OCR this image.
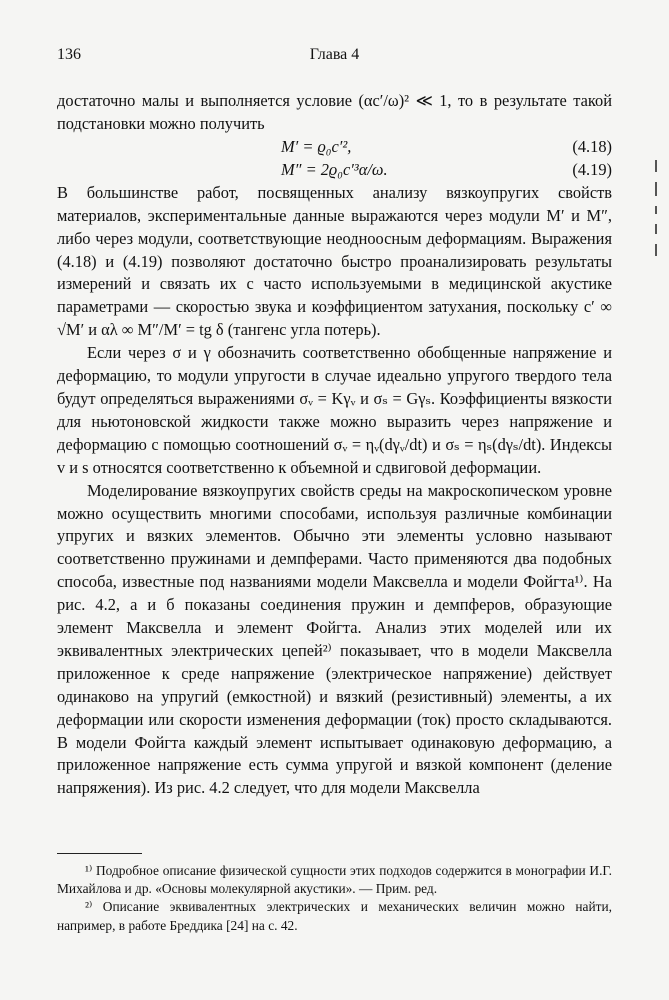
136	Глава 4

достаточно малы и выполняется условие (αc′/ω)² ≪ 1, то в результате такой подстановки можно получить

M′ = ϱ₀c′²,	(4.18)
M″ = 2ϱ₀c′³α/ω.	(4.19)

В большинстве работ, посвященных анализу вязкоупругих свойств материалов, экспериментальные данные выражаются через модули M′ и M″, либо через модули, соответствующие неодноосным деформациям. Выражения (4.18) и (4.19) позволяют достаточно быстро проанализировать результаты измерений и связать их с часто используемыми в медицинской акустике параметрами — скоростью звука и коэффициентом затухания, поскольку c′ ∞ √M′ и αλ ∞ M″/M′ = tg δ (тангенс угла потерь).

Если через σ и γ обозначить соответственно обобщенные напряжение и деформацию, то модули упругости в случае идеально упругого твердого тела будут определяться выражениями σᵥ = Kγᵥ и σₛ = Gγₛ. Коэффициенты вязкости для ньютоновской жидкости также можно выразить через напряжение и деформацию с помощью соотношений σᵥ = ηᵥ(dγᵥ/dt) и σₛ = ηₛ(dγₛ/dt). Индексы v и s относятся соответственно к объемной и сдвиговой деформации.

Моделирование вязкоупругих свойств среды на макроскопическом уровне можно осуществить многими способами, используя различные комбинации упругих и вязких элементов. Обычно эти элементы условно называют соответственно пружинами и демпферами. Часто применяются два подобных способа, известные под названиями модели Максвелла и модели Фойгта¹⁾. На рис. 4.2, а и б показаны соединения пружин и демпферов, образующие элемент Максвелла и элемент Фойгта. Анализ этих моделей или их эквивалентных электрических цепей²⁾ показывает, что в модели Максвелла приложенное к среде напряжение (электрическое напряжение) действует одинаково на упругий (емкостной) и вязкий (резистивный) элементы, а их деформации или скорости изменения деформации (ток) просто складываются. В модели Фойгта каждый элемент испытывает одинаковую деформацию, а приложенное напряжение есть сумма упругой и вязкой компонент (деление напряжения). Из рис. 4.2 следует, что для модели Максвелла

¹⁾ Подробное описание физической сущности этих подходов содержится в монографии И.Г. Михайлова и др. «Основы молекулярной акустики». — Прим. ред.

²⁾ Описание эквивалентных электрических и механических величин можно найти, например, в работе Бреддика [24] на с. 42.
